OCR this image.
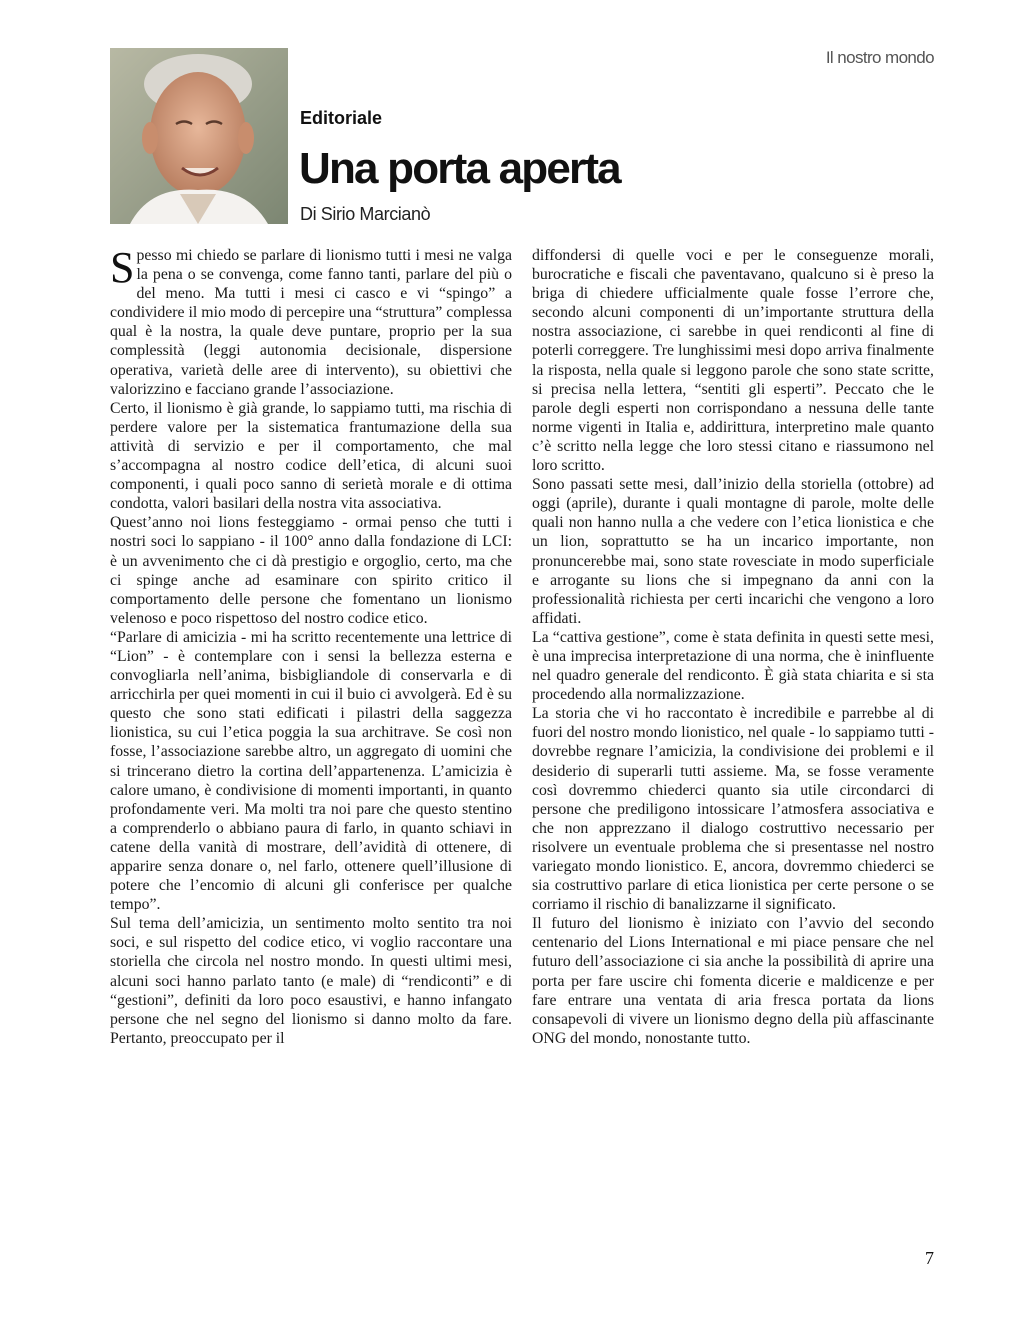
Il nostro mondo
Editoriale
Una porta aperta
Di Sirio Marcianò

Spesso mi chiedo se parlare di lionismo tutti i mesi ne valga la pena o se convenga, come fanno tanti, parlare del più o del meno. Ma tutti i mesi ci casco e vi “spingo” a condividere il mio modo di percepire una “struttura” complessa qual è la nostra, la quale deve puntare, proprio per la sua complessità (leggi autonomia decisionale, dispersione operativa, varietà delle aree di intervento), su obiettivi che valorizzino e facciano grande l’associazione.

Certo, il lionismo è già grande, lo sappiamo tutti, ma rischia di perdere valore per la sistematica frantumazione della sua attività di servizio e per il comportamento, che mal s’accompagna al nostro codice dell’etica, di alcuni suoi componenti, i quali poco sanno di serietà morale e di ottima condotta, valori basilari della nostra vita associativa.

Quest’anno noi lions festeggiamo - ormai penso che tutti i nostri soci lo sappiano - il 100° anno dalla fondazione di LCI: è un avvenimento che ci dà prestigio e orgoglio, certo, ma che ci spinge anche ad esaminare con spirito critico il comportamento delle persone che fomentano un lionismo velenoso e poco rispettoso del nostro codice etico.

“Parlare di amicizia - mi ha scritto recentemente una lettrice di “Lion” - è contemplare con i sensi la bellezza esterna e convogliarla nell’anima, bisbigliandole di conservarla e di arricchirla per quei momenti in cui il buio ci avvolgerà. Ed è su questo che sono stati edificati i pilastri della saggezza lionistica, su cui l’etica poggia la sua architrave. Se così non fosse, l’associazione sarebbe altro, un aggregato di uomini che si trincerano dietro la cortina dell’appartenenza. L’amicizia è calore umano, è condivisione di momenti importanti, in quanto profondamente veri. Ma molti tra noi pare che questo stentino a comprenderlo o abbiano paura di farlo, in quanto schiavi in catene della vanità di mostrare, dell’avidità di ottenere, di apparire senza donare o, nel farlo, ottenere quell’illusione di potere che l’encomio di alcuni gli conferisce per qualche tempo”.

Sul tema dell’amicizia, un sentimento molto sentito tra noi soci, e sul rispetto del codice etico, vi voglio raccontare una storiella che circola nel nostro mondo. In questi ultimi mesi, alcuni soci hanno parlato tanto (e male) di “rendiconti” e di “gestioni”, definiti da loro poco esaustivi, e hanno infangato persone che nel segno del lionismo si danno molto da fare. Pertanto, preoccupato per il

diffondersi di quelle voci e per le conseguenze morali, burocratiche e fiscali che paventavano, qualcuno si è preso la briga di chiedere ufficialmente quale fosse l’errore che, secondo alcuni componenti di un’importante struttura della nostra associazione, ci sarebbe in quei rendiconti al fine di poterli correggere. Tre lunghissimi mesi dopo arriva finalmente la risposta, nella quale si leggono parole che sono state scritte, si precisa nella lettera, “sentiti gli esperti”. Peccato che le parole degli esperti non corrispondano a nessuna delle tante norme vigenti in Italia e, addirittura, interpretino male quanto c’è scritto nella legge che loro stessi citano e riassumono nel loro scritto.

Sono passati sette mesi, dall’inizio della storiella (ottobre) ad oggi (aprile), durante i quali montagne di parole, molte delle quali non hanno nulla a che vedere con l’etica lionistica e che un lion, soprattutto se ha un incarico importante, non pronuncerebbe mai, sono state rovesciate in modo superficiale e arrogante su lions che si impegnano da anni con la professionalità richiesta per certi incarichi che vengono a loro affidati.

La “cattiva gestione”, come è stata definita in questi sette mesi, è una imprecisa interpretazione di una norma, che è ininfluente nel quadro generale del rendiconto. È già stata chiarita e si sta procedendo alla normalizzazione.

La storia che vi ho raccontato è incredibile e parrebbe al di fuori del nostro mondo lionistico, nel quale - lo sappiamo tutti - dovrebbe regnare l’amicizia, la condivisione dei problemi e il desiderio di superarli tutti assieme. Ma, se fosse veramente così dovremmo chiederci quanto sia utile circondarci di persone che prediligono intossicare l’atmosfera associativa e che non apprezzano il dialogo costruttivo necessario per risolvere un eventuale problema che si presentasse nel nostro variegato mondo lionistico. E, ancora, dovremmo chiederci se sia costruttivo parlare di etica lionistica per certe persone o se corriamo il rischio di banalizzarne il significato.

Il futuro del lionismo è iniziato con l’avvio del secondo centenario del Lions International e mi piace pensare che nel futuro dell’associazione ci sia anche la possibilità di aprire una porta per fare uscire chi fomenta dicerie e maldicenze e per fare entrare una ventata di aria fresca portata da lions consapevoli di vivere un lionismo degno della più affascinante ONG del mondo, nonostante tutto.

7
